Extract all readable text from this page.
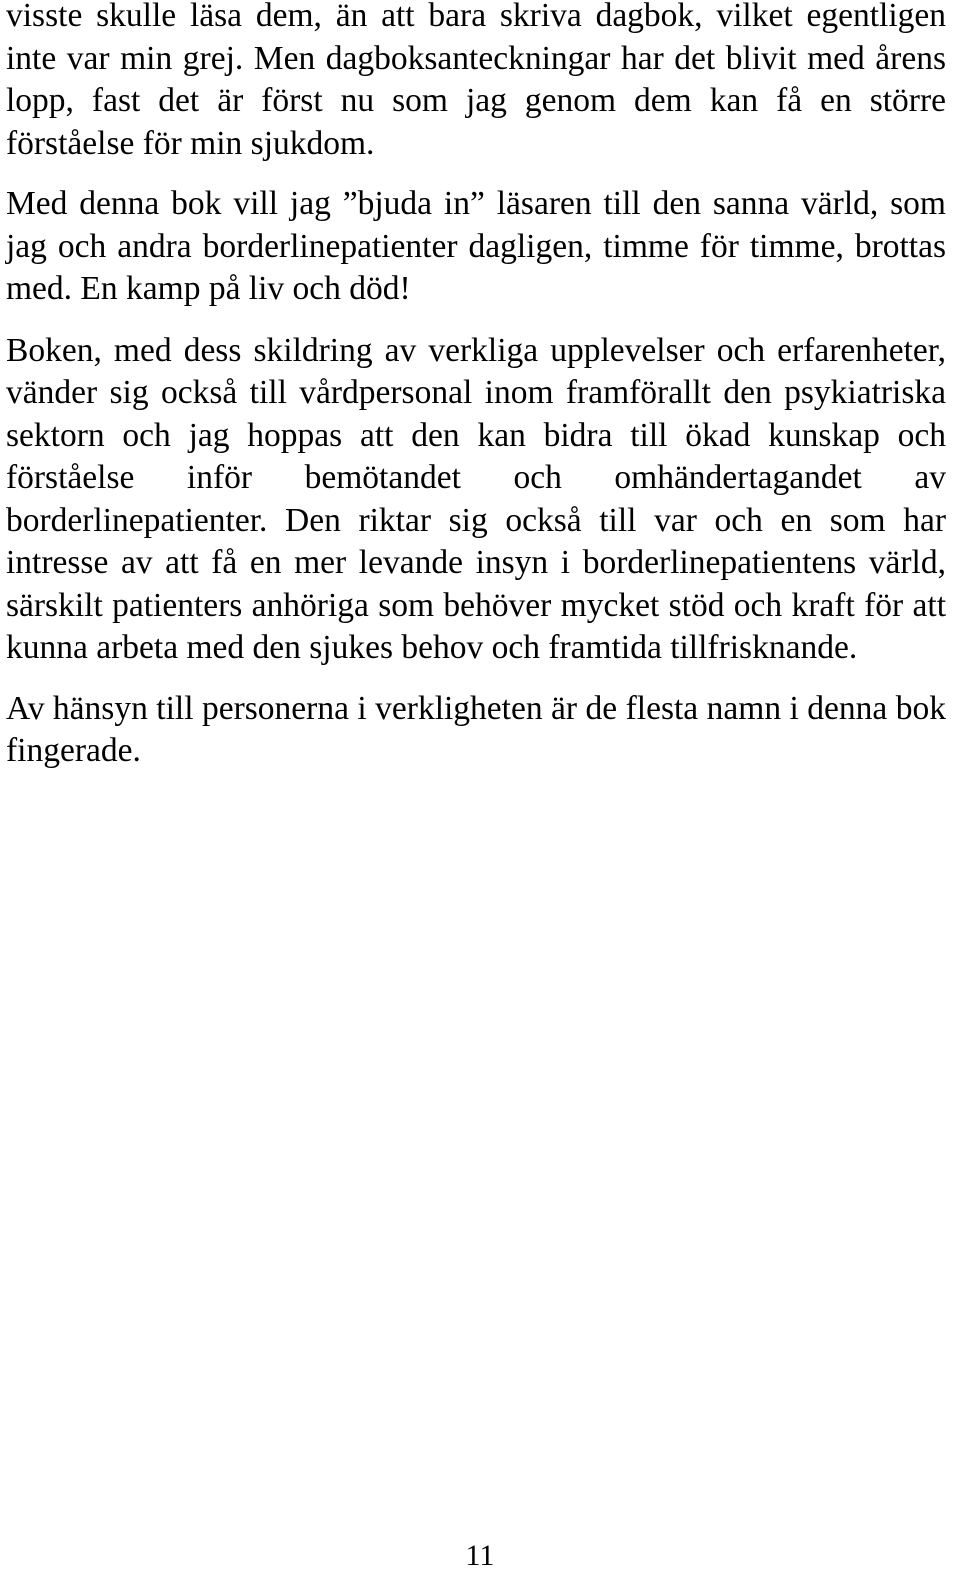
visste skulle läsa dem, än att bara skriva dagbok, vilket egentligen inte var min grej. Men dagboksanteckningar har det blivit med årens lopp, fast det är först nu som jag genom dem kan få en större förståelse för min sjukdom.

Med denna bok vill jag ”bjuda in” läsaren till den sanna värld, som jag och andra borderlinepatienter dagligen, timme för timme, brottas med. En kamp på liv och död!

Boken, med dess skildring av verkliga upplevelser och erfarenheter, vänder sig också till vårdpersonal inom framförallt den psykiatriska sektorn och jag hoppas att den kan bidra till ökad kunskap och förståelse inför bemötandet och omhändertagandet av borderlinepatienter. Den riktar sig också till var och en som har intresse av att få en mer levande insyn i borderlinepatientens värld, särskilt patienters anhöriga som behöver mycket stöd och kraft för att kunna arbeta med den sjukes behov och framtida tillfrisknande.

Av hänsyn till personerna i verkligheten är de flesta namn i denna bok fingerade.

11
